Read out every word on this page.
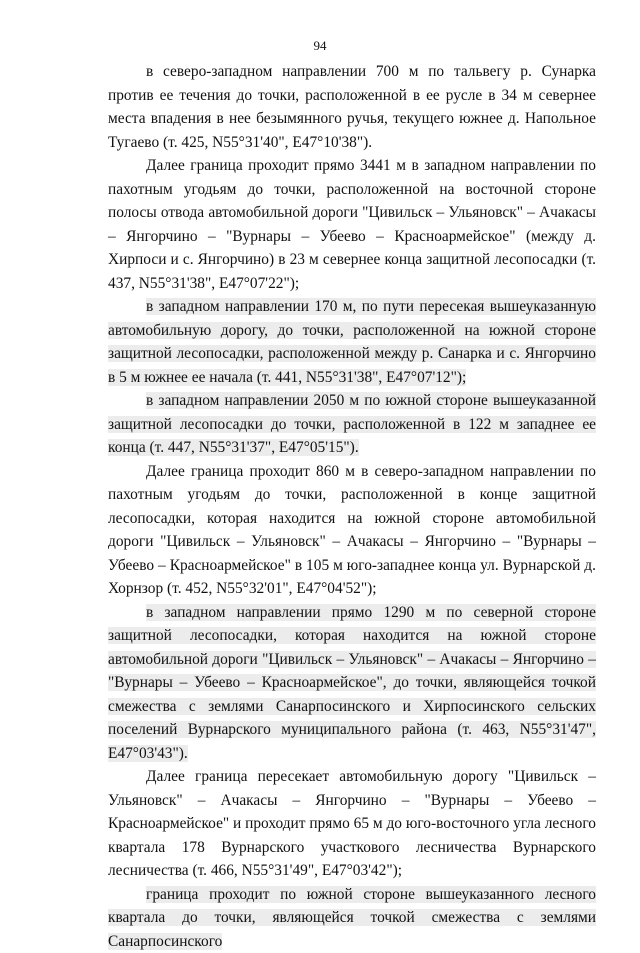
94

в северо-западном направлении 700 м по тальвегу р. Сунарка против ее течения до точки, расположенной в ее русле в 34 м севернее места впадения в нее безымянного ручья, текущего южнее д. Напольное Тугаево (т. 425, N55°31'40", E47°10'38").

Далее граница проходит прямо 3441 м в западном направлении по пахотным угодьям до точки, расположенной на восточной стороне полосы отвода автомобильной дороги "Цивильск – Ульяновск" – Ачакасы – Янгорчино – "Вурнары – Убеево – Красноармейское" (между д. Хирпоси и с. Янгорчино) в 23 м севернее конца защитной лесопосадки (т. 437, N55°31'38", E47°07'22");

в западном направлении 170 м, по пути пересекая вышеуказанную автомобильную дорогу, до точки, расположенной на южной стороне защитной лесопосадки, расположенной между р. Санарка и с. Янгорчино в 5 м южнее ее начала (т. 441, N55°31'38", E47°07'12");

в западном направлении 2050 м по южной стороне вышеуказанной защитной лесопосадки до точки, расположенной в 122 м западнее ее конца (т. 447, N55°31'37", E47°05'15").

Далее граница проходит 860 м в северо-западном направлении по пахотным угодьям до точки, расположенной в конце защитной лесопосадки, которая находится на южной стороне автомобильной дороги "Цивильск – Ульяновск" – Ачакасы – Янгорчино – "Вурнары – Убеево – Красноармейское" в 105 м юго-западнее конца ул. Вурнарской д. Хорнзор (т. 452, N55°32'01", E47°04'52");

в западном направлении прямо 1290 м по северной стороне защитной лесопосадки, которая находится на южной стороне автомобильной дороги "Цивильск – Ульяновск" – Ачакасы – Янгорчино – "Вурнары – Убеево – Красноармейское", до точки, являющейся точкой смежества с землями Санарпосинского и Хирпосинского сельских поселений Вурнарского муниципального района (т. 463, N55°31'47", E47°03'43").

Далее граница пересекает автомобильную дорогу "Цивильск – Ульяновск" – Ачакасы – Янгорчино – "Вурнары – Убеево – Красноармейское" и проходит прямо 65 м до юго-восточного угла лесного квартала 178 Вурнарского участкового лесничества Вурнарского лесничества (т. 466, N55°31'49", E47°03'42");

граница проходит по южной стороне вышеуказанного лесного квартала до точки, являющейся точкой смежества с землями Санарпосинского
